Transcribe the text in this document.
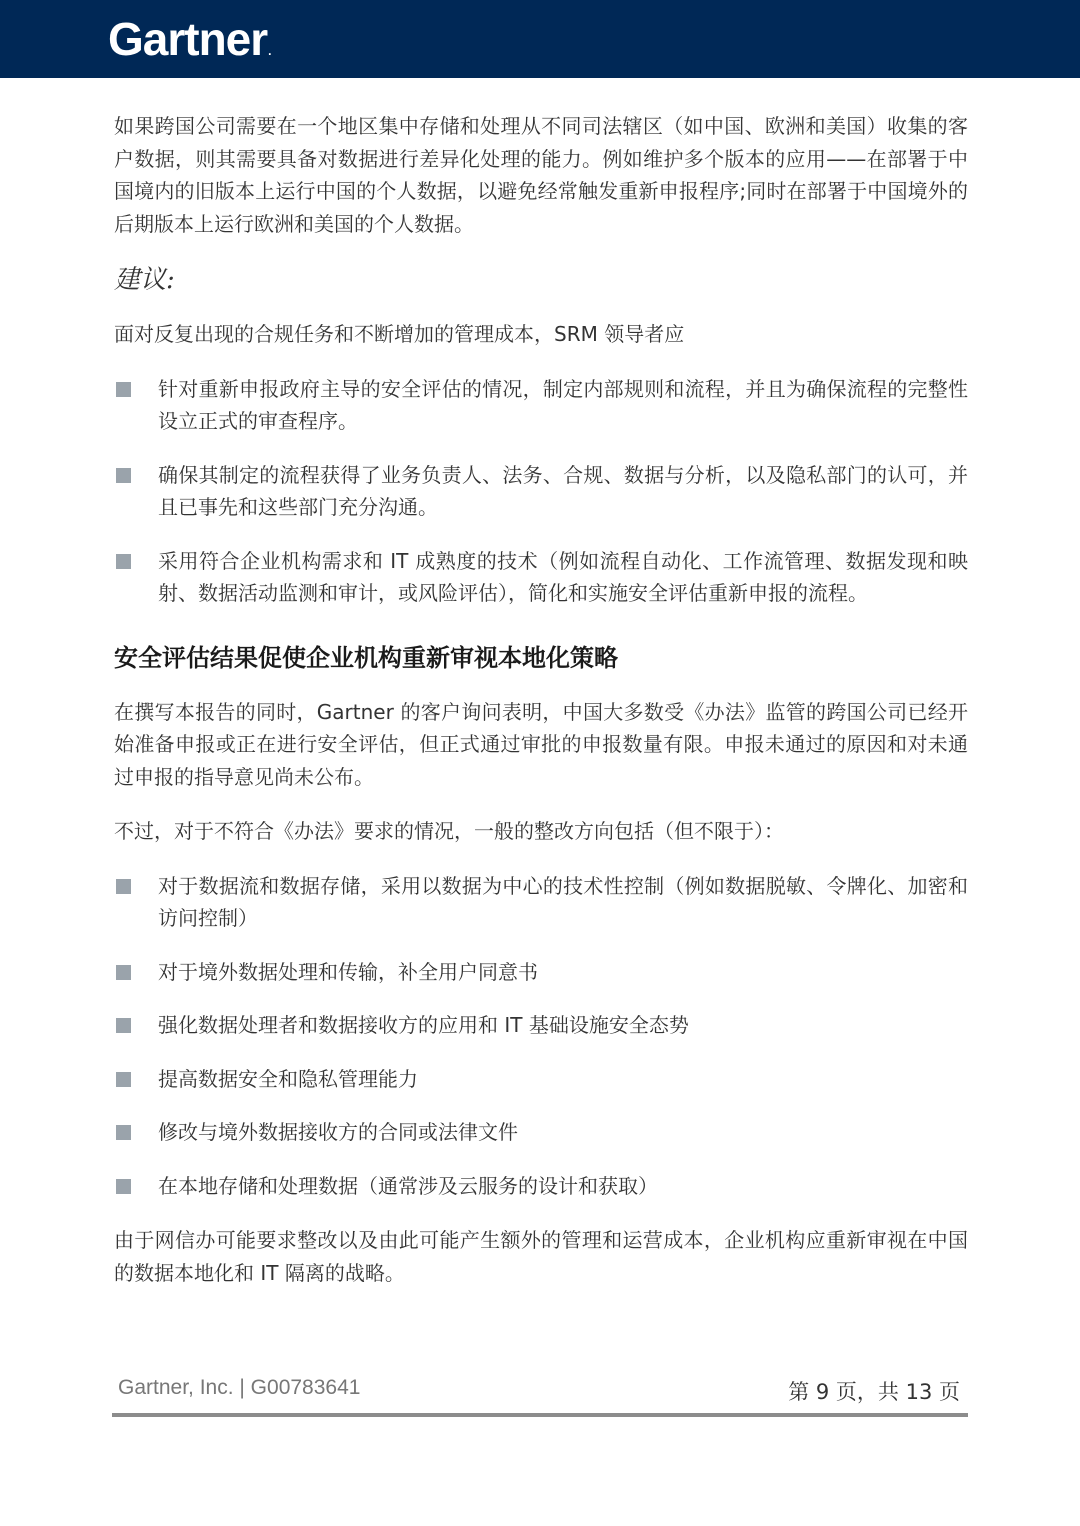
Gartner.

如果跨国公司需要在一个地区集中存储和处理从不同司法辖区（如中国、欧洲和美国）收集的客户数据，则其需要具备对数据进行差异化处理的能力。例如维护多个版本的应用——在部署于中国境内的旧版本上运行中国的个人数据，以避免经常触发重新申报程序;同时在部署于中国境外的后期版本上运行欧洲和美国的个人数据。

建议:

面对反复出现的合规任务和不断增加的管理成本，SRM 领导者应

针对重新申报政府主导的安全评估的情况，制定内部规则和流程，并且为确保流程的完整性设立正式的审查程序。
确保其制定的流程获得了业务负责人、法务、合规、数据与分析，以及隐私部门的认可，并且已事先和这些部门充分沟通。
采用符合企业机构需求和 IT 成熟度的技术（例如流程自动化、工作流管理、数据发现和映射、数据活动监测和审计，或风险评估），简化和实施安全评估重新申报的流程。
安全评估结果促使企业机构重新审视本地化策略

在撰写本报告的同时，Gartner 的客户询问表明，中国大多数受《办法》监管的跨国公司已经开始准备申报或正在进行安全评估，但正式通过审批的申报数量有限。申报未通过的原因和对未通过申报的指导意见尚未公布。

不过，对于不符合《办法》要求的情况，一般的整改方向包括（但不限于）：

对于数据流和数据存储，采用以数据为中心的技术性控制（例如数据脱敏、令牌化、加密和访问控制）
对于境外数据处理和传输，补全用户同意书
强化数据处理者和数据接收方的应用和 IT 基础设施安全态势
提高数据安全和隐私管理能力
修改与境外数据接收方的合同或法律文件
在本地存储和处理数据（通常涉及云服务的设计和获取）

由于网信办可能要求整改以及由此可能产生额外的管理和运营成本，企业机构应重新审视在中国的数据本地化和 IT 隔离的战略。

Gartner, Inc. | G00783641	第 9 页，共 13 页
